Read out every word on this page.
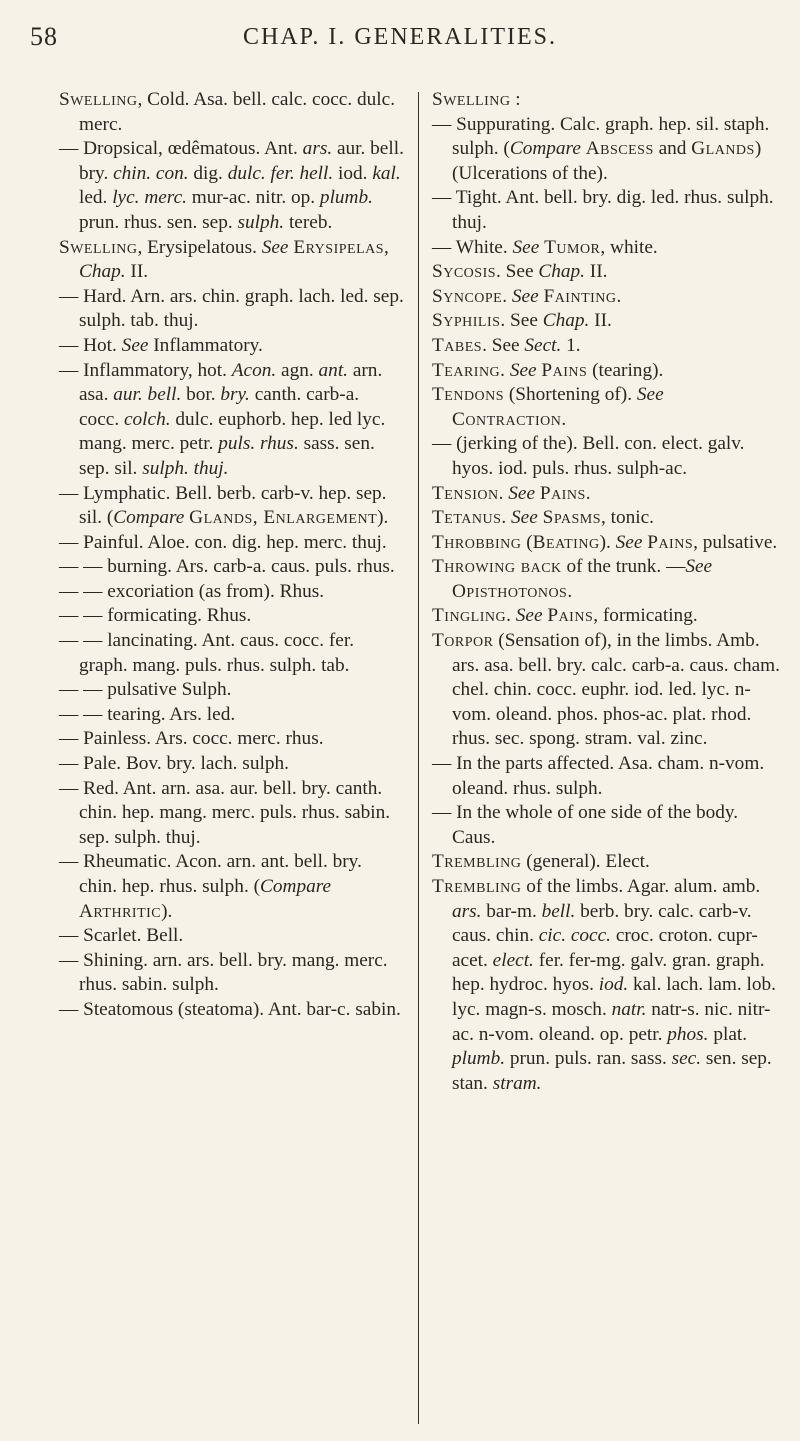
58	CHAP. I. GENERALITIES.

Swelling, Cold. Asa. bell. calc. cocc. dulc. merc.

— Dropsical, œdêmatous. Ant. ars. aur. bell. bry. chin. con. dig. dulc. fer. hell. iod. kal. led. lyc. merc. mur-ac. nitr. op. plumb. prun. rhus. sen. sep. sulph. tereb.

Swelling, Erysipelatous. See Erysipelas, Chap. II.

— Hard. Arn. ars. chin. graph. lach. led. sep. sulph. tab. thuj.

— Hot. See Inflammatory.

— Inflammatory, hot. Acon. agn. ant. arn. asa. aur. bell. bor. bry. canth. carb-a. cocc. colch. dulc. euphorb. hep. led lyc. mang. merc. petr. puls. rhus. sass. sen. sep. sil. sulph. thuj.

— Lymphatic. Bell. berb. carb-v. hep. sep. sil. (Compare Glands, Enlargement).

— Painful. Aloe. con. dig. hep. merc. thuj.

— — burning. Ars. carb-a. caus. puls. rhus.

— — excoriation (as from). Rhus.

— — formicating. Rhus.

— — lancinating. Ant. caus. cocc. fer. graph. mang. puls. rhus. sulph. tab.

— — pulsative Sulph.

— — tearing. Ars. led.

— Painless. Ars. cocc. merc. rhus.

— Pale. Bov. bry. lach. sulph.

— Red. Ant. arn. asa. aur. bell. bry. canth. chin. hep. mang. merc. puls. rhus. sabin. sep. sulph. thuj.

— Rheumatic. Acon. arn. ant. bell. bry. chin. hep. rhus. sulph. (Compare Arthritic).

— Scarlet. Bell.

— Shining. arn. ars. bell. bry. mang. merc. rhus. sabin. sulph.

— Steatomous (steatoma). Ant. bar-c. sabin.

Swelling :

— Suppurating. Calc. graph. hep. sil. staph. sulph. (Compare Abscess and Glands) (Ulcerations of the).

— Tight. Ant. bell. bry. dig. led. rhus. sulph. thuj.

— White. See Tumor, white.

Sycosis. See Chap. II.

Syncope. See Fainting.

Syphilis. See Chap. II.

Tabes. See Sect. 1.

Tearing. See Pains (tearing).

Tendons (Shortening of). See Contraction.

— (jerking of the). Bell. con. elect. galv. hyos. iod. puls. rhus. sulph-ac.

Tension. See Pains.

Tetanus. See Spasms, tonic.

Throbbing (Beating). See Pains, pulsative.

Throwing back of the trunk. —See Opisthotonos.

Tingling. See Pains, formicating.

Torpor (Sensation of), in the limbs. Amb. ars. asa. bell. bry. calc. carb-a. caus. cham. chel. chin. cocc. euphr. iod. led. lyc. n-vom. oleand. phos. phos-ac. plat. rhod. rhus. sec. spong. stram. val. zinc.

— In the parts affected. Asa. cham. n-vom. oleand. rhus. sulph.

— In the whole of one side of the body. Caus.

Trembling (general). Elect.

Trembling of the limbs. Agar. alum. amb. ars. bar-m. bell. berb. bry. calc. carb-v. caus. chin. cic. cocc. croc. croton. cupr-acet. elect. fer. fer-mg. galv. gran. graph. hep. hydroc. hyos. iod. kal. lach. lam. lob. lyc. magn-s. mosch. natr. natr-s. nic. nitr-ac. n-vom. oleand. op. petr. phos. plat. plumb. prun. puls. ran. sass. sec. sen. sep. stan. stram.
